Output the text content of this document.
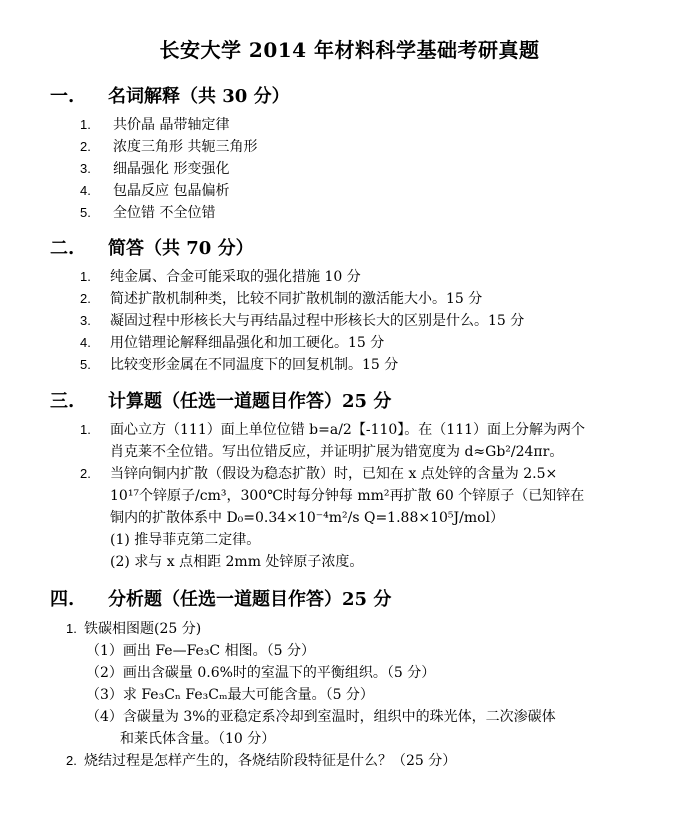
长安大学 2014 年材料科学基础考研真题
一. 名词解释（共 30 分）
1. 共价晶 晶带轴定律
2. 浓度三角形 共轭三角形
3. 细晶强化 形变强化
4. 包晶反应 包晶偏析
5. 全位错 不全位错
二. 简答（共 70 分）
1. 纯金属、合金可能采取的强化措施 10 分
2. 简述扩散机制种类，比较不同扩散机制的激活能大小。15 分
3. 凝固过程中形核长大与再结晶过程中形核长大的区别是什么。15 分
4. 用位错理论解释细晶强化和加工硬化。15 分
5. 比较变形金属在不同温度下的回复机制。15 分
三. 计算题（任选一道题目作答）25 分
1. 面心立方（111）面上单位位错 b=a/2【-110】。在（111）面上分解为两个
肖克莱不全位错。写出位错反应，并证明扩展为错宽度为 d≈Gb²/24πr。
2. 当锌向铜内扩散（假设为稳态扩散）时，已知在 x 点处锌的含量为 2.5×
10¹⁷个锌原子/cm³，300℃时每分钟每 mm²再扩散 60 个锌原子（已知锌在
铜内的扩散体系中 D₀=0.34×10⁻⁴m²/s Q=1.88×10⁵J/mol）
(1) 推导菲克第二定律。
(2) 求与 x 点相距 2mm 处锌原子浓度。
四. 分析题（任选一道题目作答）25 分
1. 铁碳相图题(25 分)
（1）画出 Fe—Fe₃C 相图。（5 分）
（2）画出含碳量 0.6%时的室温下的平衡组织。（5 分）
（3）求 Fe₃Cₙ Fe₃Cₘ最大可能含量。（5 分）
（4）含碳量为 3%的亚稳定系冷却到室温时，组织中的珠光体，二次渗碳体
和莱氏体含量。（10 分）
2. 烧结过程是怎样产生的，各烧结阶段特征是什么？（25 分）
